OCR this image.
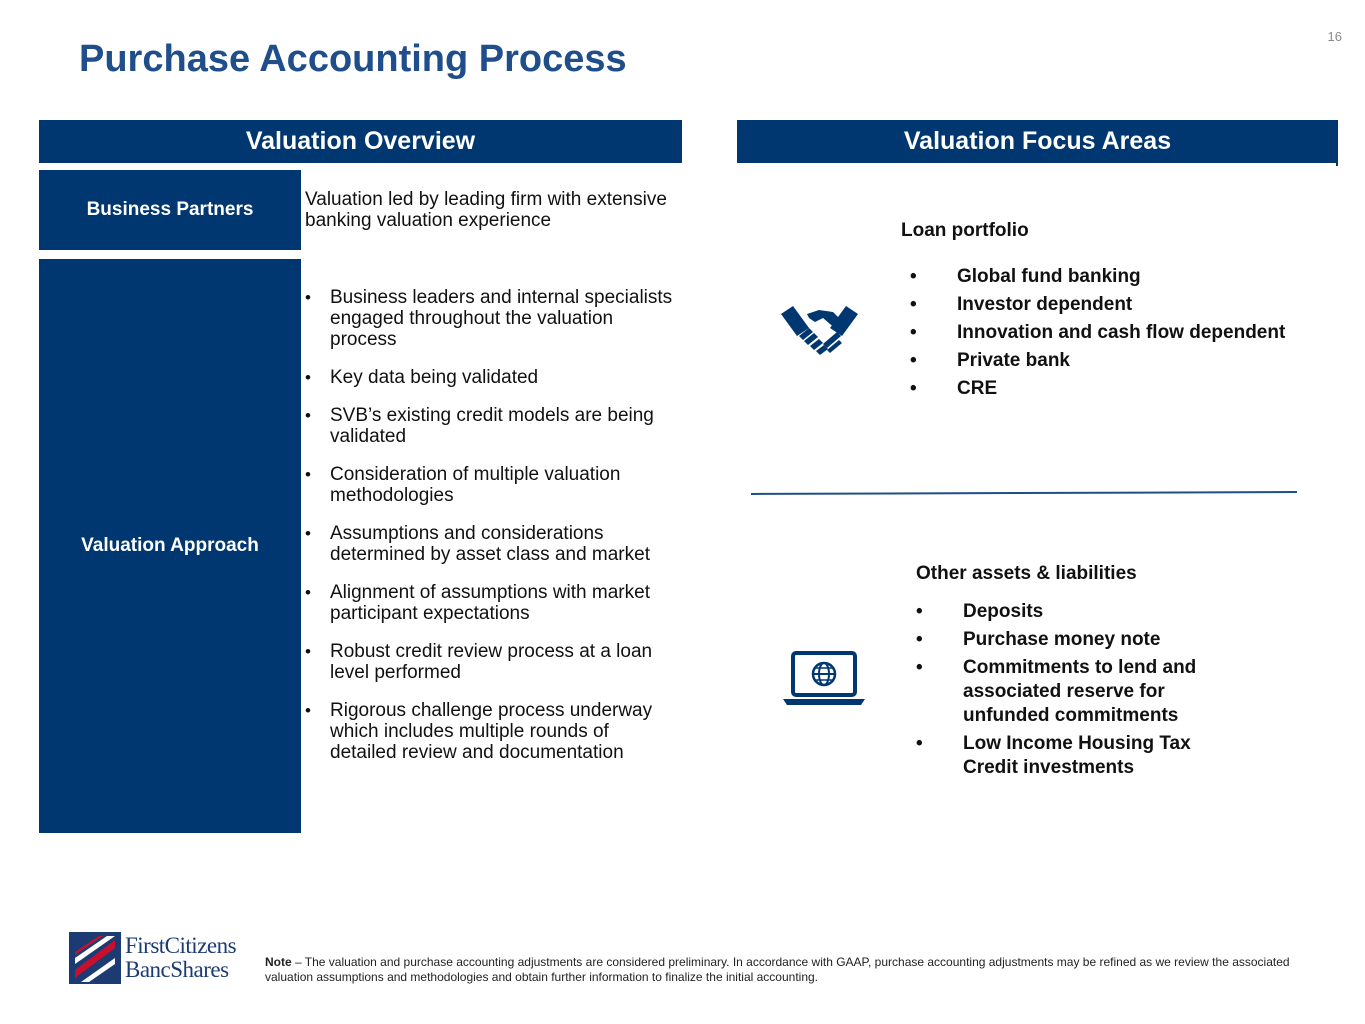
16
Purchase Accounting Process
Valuation Overview
Business Partners	Valuation led by leading firm with extensive banking valuation experience
Valuation Approach
• Business leaders and internal specialists engaged throughout the valuation process
• Key data being validated
• SVB’s existing credit models are being validated
• Consideration of multiple valuation methodologies
• Assumptions and considerations determined by asset class and market
• Alignment of assumptions with market participant expectations
• Robust credit review process at a loan level performed
• Rigorous challenge process underway which includes multiple rounds of detailed review and documentation
Valuation Focus Areas
Loan portfolio
• Global fund banking
• Investor dependent
• Innovation and cash flow dependent
• Private bank
• CRE
Other assets & liabilities
• Deposits
• Purchase money note
• Commitments to lend and associated reserve for unfunded commitments
• Low Income Housing Tax Credit investments
FirstCitizens
BancShares	Note – The valuation and purchase accounting adjustments are considered preliminary. In accordance with GAAP, purchase accounting adjustments may be refined as we review the associated valuation assumptions and methodologies and obtain further information to finalize the initial accounting.
